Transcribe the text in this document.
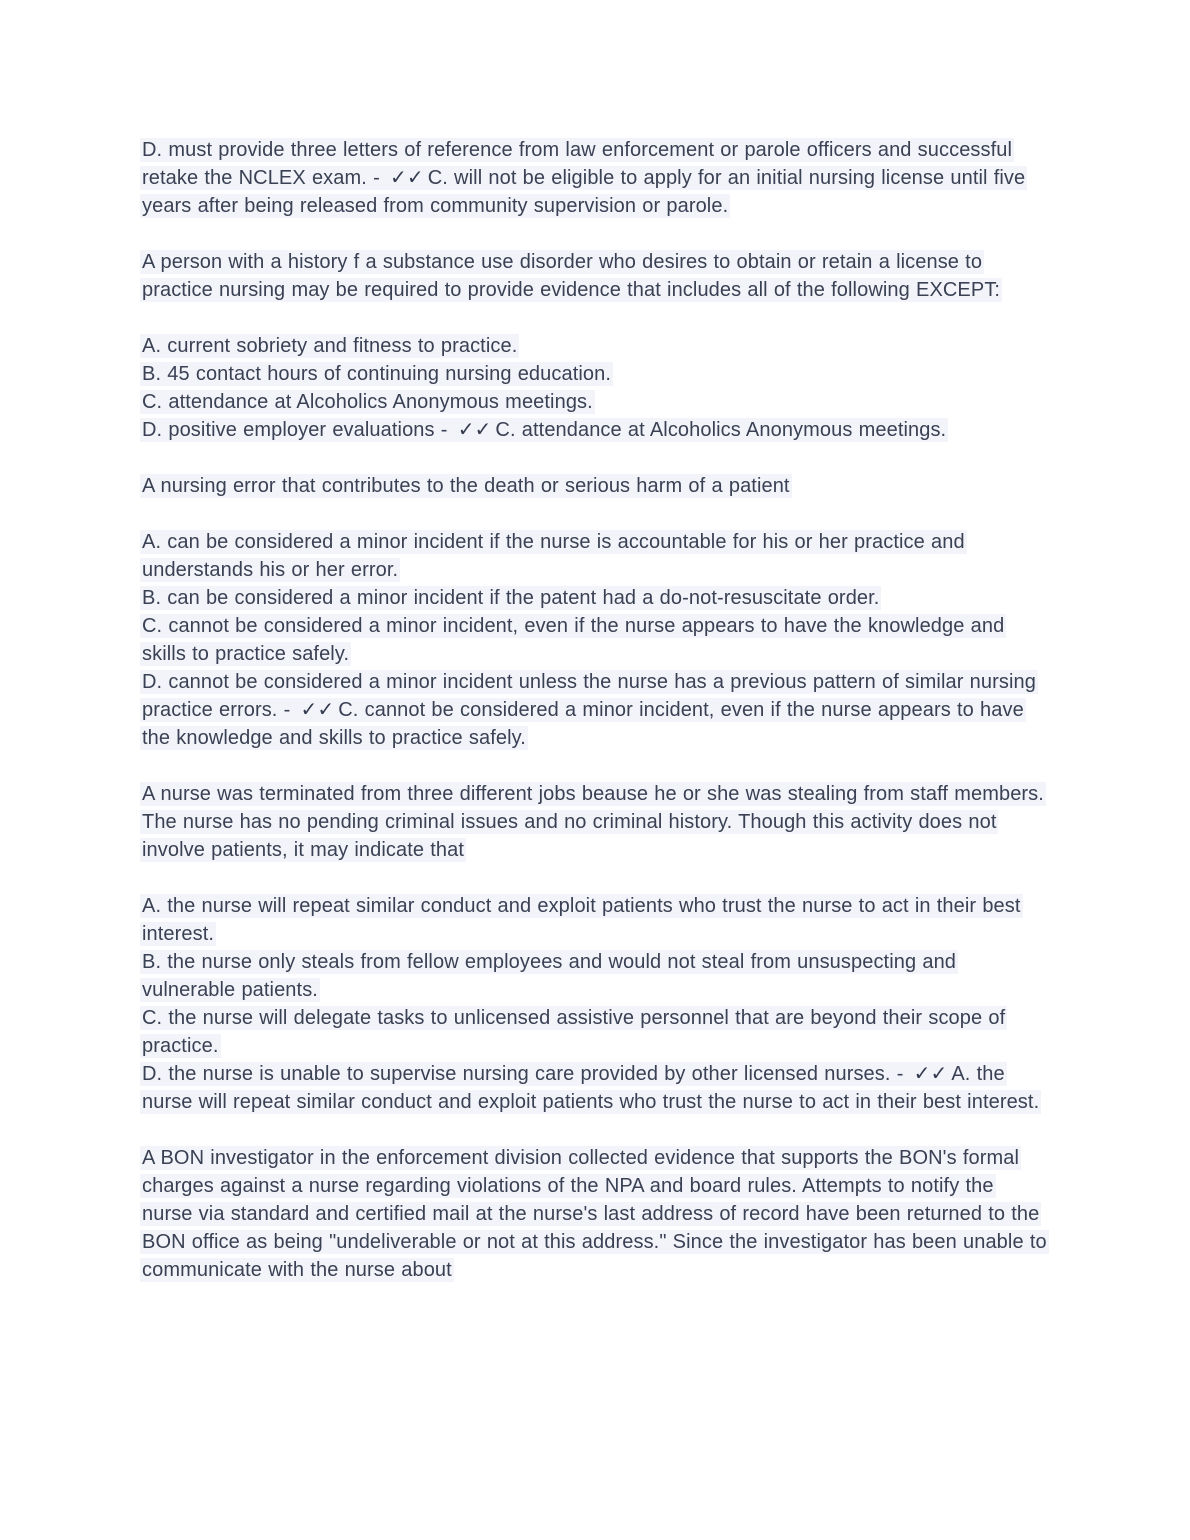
D. must provide three letters of reference from law enforcement or parole officers and successful retake the NCLEX exam. - ✓✓ C. will not be eligible to apply for an initial nursing license until five years after being released from community supervision or parole.

A person with a history f a substance use disorder who desires to obtain or retain a license to practice nursing may be required to provide evidence that includes all of the following EXCEPT:

A. current sobriety and fitness to practice.

B. 45 contact hours of continuing nursing education.

C. attendance at Alcoholics Anonymous meetings.

D. positive employer evaluations - ✓✓ C. attendance at Alcoholics Anonymous meetings.

A nursing error that contributes to the death or serious harm of a patient

A. can be considered a minor incident if the nurse is accountable for his or her practice and understands his or her error.

B. can be considered a minor incident if the patent had a do-not-resuscitate order.

C. cannot be considered a minor incident, even if the nurse appears to have the knowledge and skills to practice safely.

D. cannot be considered a minor incident unless the nurse has a previous pattern of similar nursing practice errors. - ✓✓ C. cannot be considered a minor incident, even if the nurse appears to have the knowledge and skills to practice safely.

A nurse was terminated from three different jobs beause he or she was stealing from staff members. The nurse has no pending criminal issues and no criminal history. Though this activity does not involve patients, it may indicate that

A. the nurse will repeat similar conduct and exploit patients who trust the nurse to act in their best interest.

B. the nurse only steals from fellow employees and would not steal from unsuspecting and vulnerable patients.

C. the nurse will delegate tasks to unlicensed assistive personnel that are beyond their scope of practice.

D. the nurse is unable to supervise nursing care provided by other licensed nurses. - ✓✓ A. the nurse will repeat similar conduct and exploit patients who trust the nurse to act in their best interest.

A BON investigator in the enforcement division collected evidence that supports the BON's formal charges against a nurse regarding violations of the NPA and board rules. Attempts to notify the nurse via standard and certified mail at the nurse's last address of record have been returned to the BON office as being "undeliverable or not at this address." Since the investigator has been unable to communicate with the nurse about
